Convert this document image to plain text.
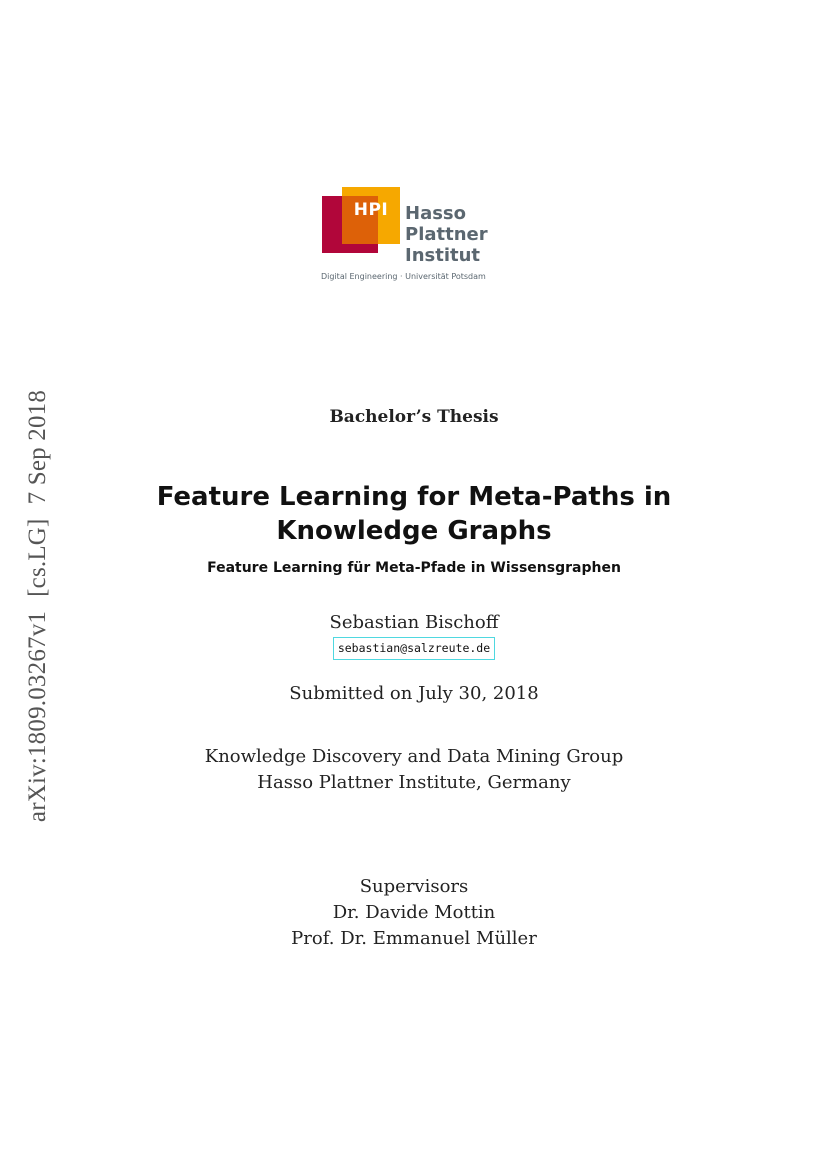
arXiv:1809.03267v1[cs.LG]7 Sep 2018
HPI Hasso
Plattner
Institut
Digital Engineering · Universität Potsdam
Bachelor’s Thesis
Feature Learning for Meta-Paths in
Knowledge Graphs
Feature Learning für Meta-Pfade in Wissensgraphen
Sebastian Bischoff
sebastian@salzreute.de
Submitted on July 30, 2018
Knowledge Discovery and Data Mining Group
Hasso Plattner Institute, Germany
Supervisors
Dr. Davide Mottin
Prof. Dr. Emmanuel Müller
